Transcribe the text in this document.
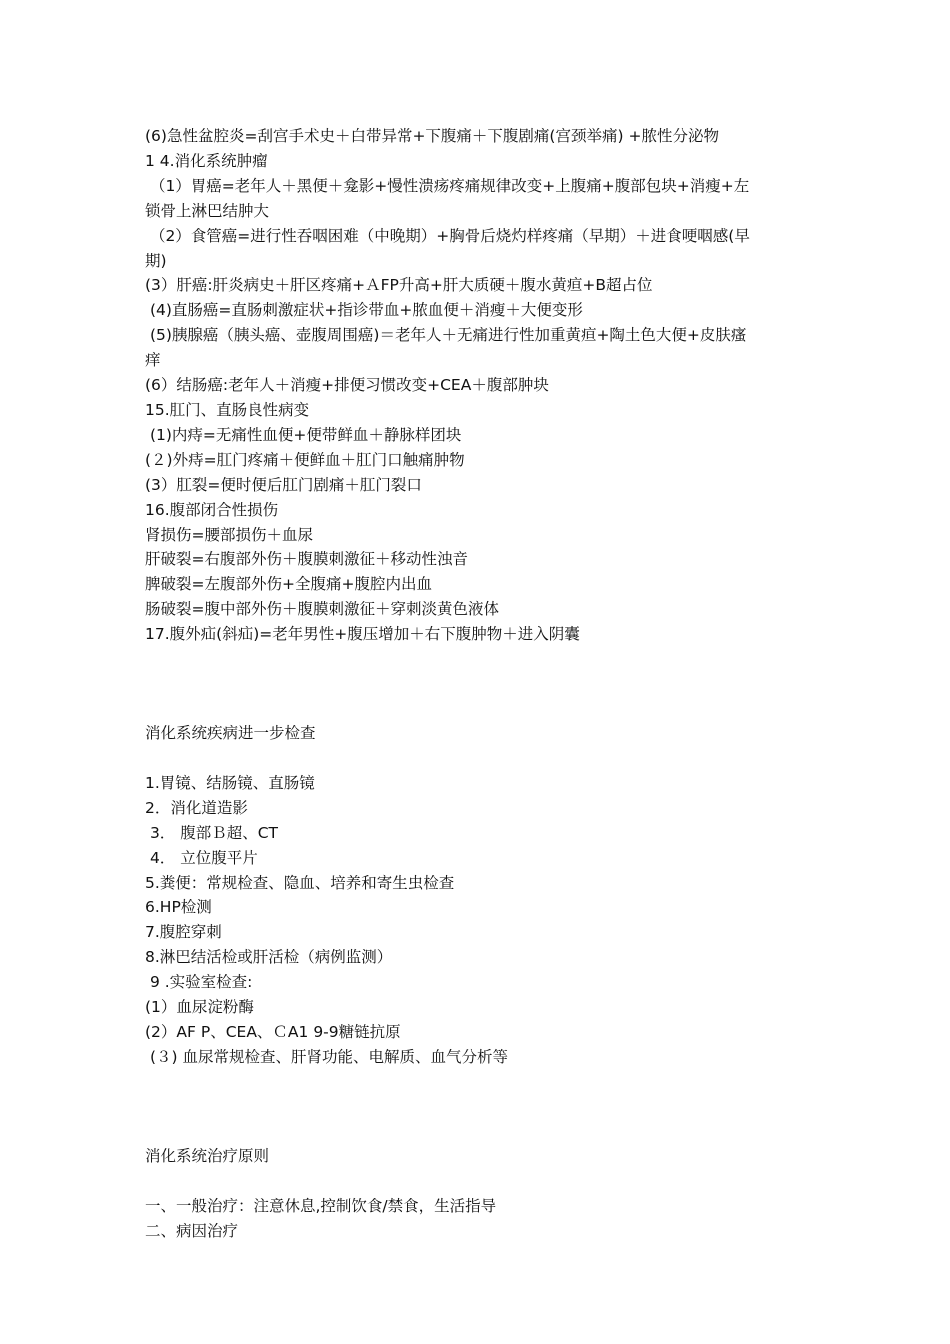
(6)急性盆腔炎=刮宫手术史＋白带异常+下腹痛＋下腹剧痛(宫颈举痛) +脓性分泌物

1 4.消化系统肿瘤

（1）胃癌=老年人＋黑便＋龛影+慢性溃疡疼痛规律改变+上腹痛+腹部包块+消瘦+左

锁骨上淋巴结肿大

（2）食管癌=进行性吞咽困难（中晚期）+胸骨后烧灼样疼痛（早期）＋进食哽咽感(早

期)

(3）肝癌:肝炎病史＋肝区疼痛+ＡFP升高+肝大质硬＋腹水黄疸+B超占位

(4)直肠癌=直肠刺激症状+指诊带血+脓血便＋消瘦＋大便变形

(5)胰腺癌（胰头癌、壶腹周围癌)＝老年人＋无痛进行性加重黄疸+陶土色大便+皮肤瘙

痒

(6）结肠癌:老年人＋消瘦+排便习惯改变+CEA＋腹部肿块

15.肛门、直肠良性病变

(1)内痔=无痛性血便+便带鲜血＋静脉样团块

(２)外痔=肛门疼痛＋便鲜血＋肛门口触痛肿物

(3）肛裂=便时便后肛门剧痛＋肛门裂口

16.腹部闭合性损伤

肾损伤=腰部损伤＋血尿

肝破裂=右腹部外伤＋腹膜刺激征＋移动性浊音

脾破裂=左腹部外伤+全腹痛+腹腔内出血

肠破裂=腹中部外伤＋腹膜刺激征＋穿刺淡黄色液体

17.腹外疝(斜疝)=老年男性+腹压增加＋右下腹肿物＋进入阴囊

消化系统疾病进一步检查

1.胃镜、结肠镜、直肠镜

2．消化道造影

3． 腹部Ｂ超、CT

4． 立位腹平片

5.粪便：常规检查、隐血、培养和寄生虫检查

6.HP检测

7.腹腔穿刺

8.淋巴结活检或肝活检（病例监测）

9 .实验室检查:

(1）血尿淀粉酶

(2）AF P、CEA、ＣA1 9-9糖链抗原

(３) 血尿常规检查、肝肾功能、电解质、血气分析等

消化系统治疗原则

一、一般治疗：注意休息,控制饮食/禁食，生活指导

二、病因治疗
